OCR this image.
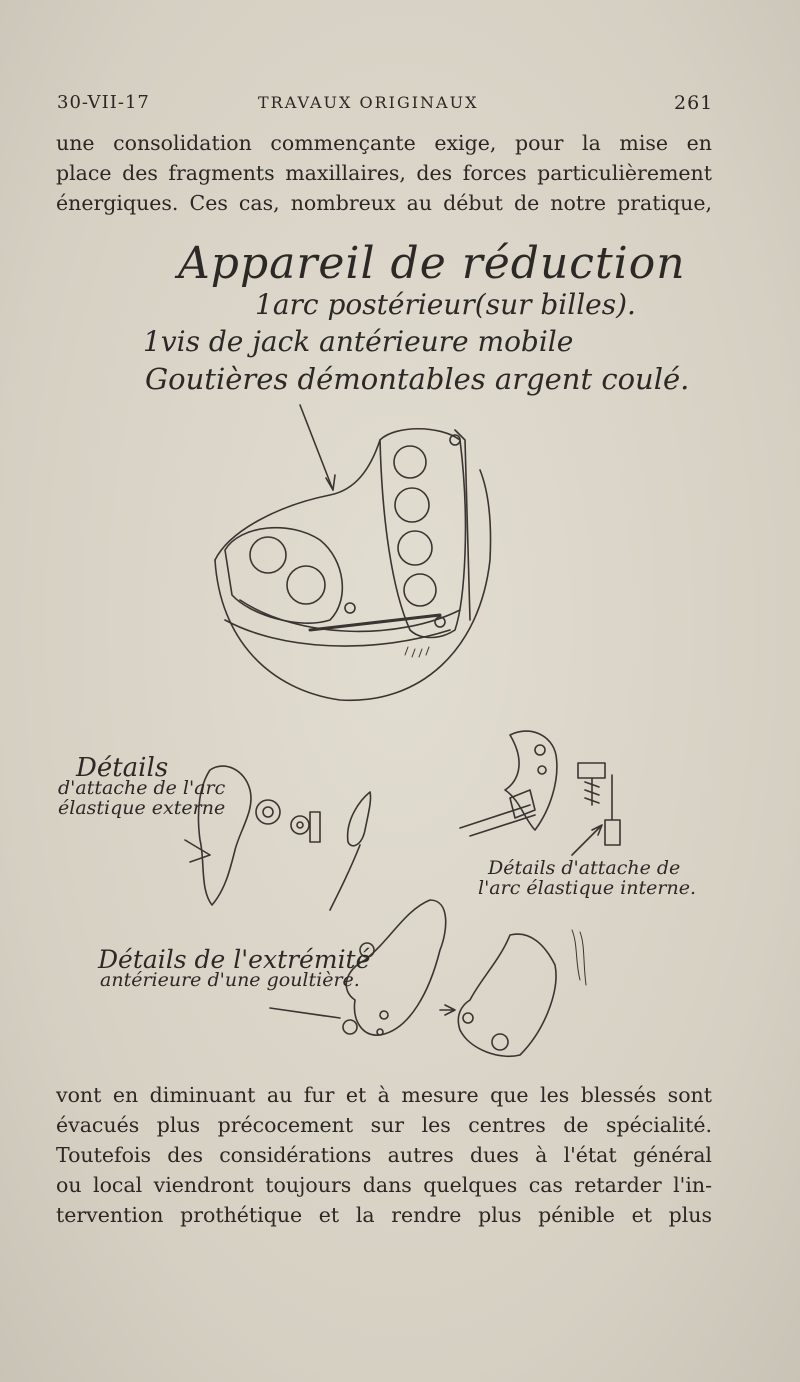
30-VII-17	TRAVAUX ORIGINAUX	261
une consolidation commençante exige, pour la mise en
place des fragments maxillaires, des forces particulièrement
énergiques. Ces cas, nombreux au début de notre pratique,
Appareil de réduction
1arc postérieur(sur billes).
1vis de jack antérieure mobile
Goutières démontables argent coulé.
Détails
d'attache de l'arc
élastique externe
Détails d'attache de
l'arc élastique interne.
Détails de l'extrémité
antérieure d'une goultière.
vont en diminuant au fur et à mesure que les blessés sont
évacués plus précocement sur les centres de spécialité.
Toutefois des considérations autres dues à l'état général
ou local viendront toujours dans quelques cas retarder l'in-
tervention prothétique et la rendre plus pénible et plus
